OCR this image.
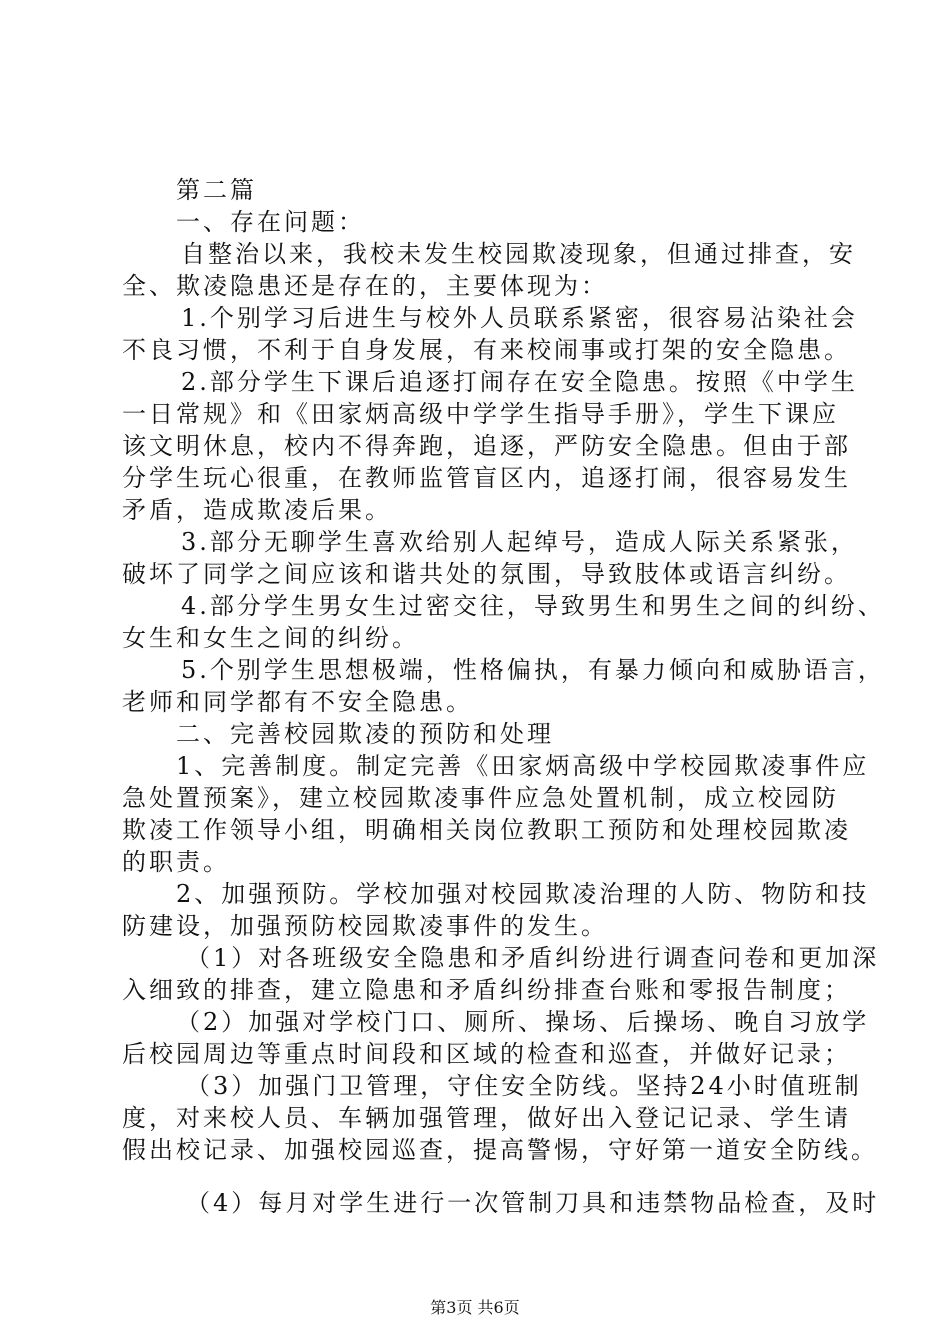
第二篇
一、存在问题：
自整治以来，我校未发生校园欺凌现象，但通过排查，安
全、欺凌隐患还是存在的，主要体现为：
1.个别学习后进生与校外人员联系紧密，很容易沾染社会
不良习惯，不利于自身发展，有来校闹事或打架的安全隐患。
2.部分学生下课后追逐打闹存在安全隐患。按照《中学生
一日常规》和《田家炳高级中学学生指导手册》，学生下课应
该文明休息，校内不得奔跑，追逐，严防安全隐患。但由于部
分学生玩心很重，在教师监管盲区内，追逐打闹，很容易发生
矛盾，造成欺凌后果。
3.部分无聊学生喜欢给别人起绰号，造成人际关系紧张，
破坏了同学之间应该和谐共处的氛围，导致肢体或语言纠纷。
4.部分学生男女生过密交往，导致男生和男生之间的纠纷、
女生和女生之间的纠纷。
5.个别学生思想极端，性格偏执，有暴力倾向和威胁语言，
老师和同学都有不安全隐患。
二、完善校园欺凌的预防和处理
1、完善制度。制定完善《田家炳高级中学校园欺凌事件应
急处置预案》，建立校园欺凌事件应急处置机制，成立校园防
欺凌工作领导小组，明确相关岗位教职工预防和处理校园欺凌
的职责。
2、加强预防。学校加强对校园欺凌治理的人防、物防和技
防建设，加强预防校园欺凌事件的发生。
（1）对各班级安全隐患和矛盾纠纷进行调查问卷和更加深
入细致的排查，建立隐患和矛盾纠纷排查台账和零报告制度；
（2）加强对学校门口、厕所、操场、后操场、晚自习放学
后校园周边等重点时间段和区域的检查和巡查，并做好记录；
（3）加强门卫管理，守住安全防线。坚持24小时值班制
度，对来校人员、车辆加强管理，做好出入登记记录、学生请
假出校记录、加强校园巡查，提高警惕，守好第一道安全防线。
（4）每月对学生进行一次管制刀具和违禁物品检查，及时
第3页 共6页
